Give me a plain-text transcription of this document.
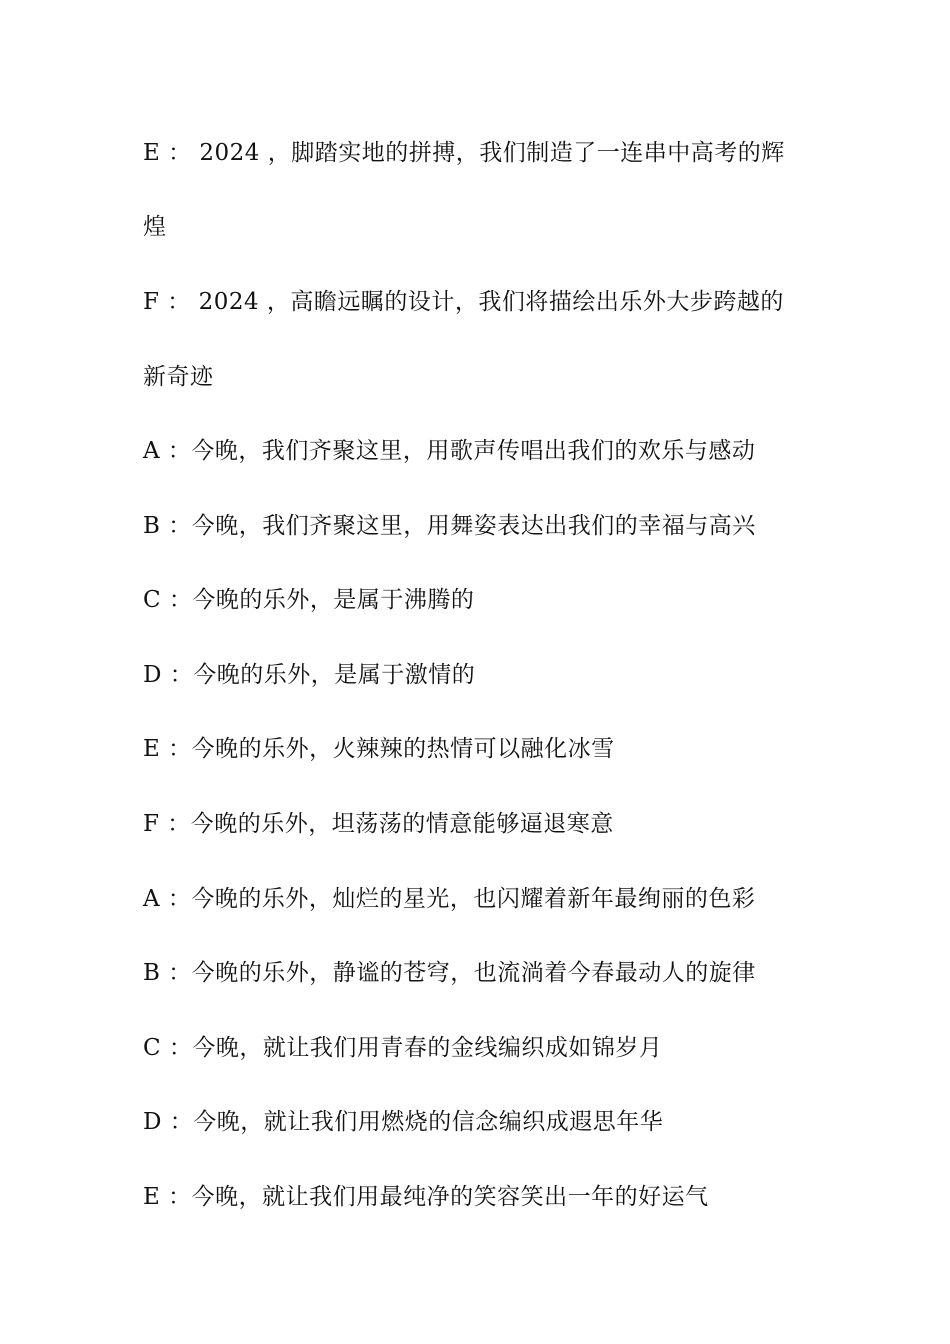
E ： 2024 ，脚踏实地的拼搏，我们制造了一连串中高考的辉
煌
F ： 2024 ，高瞻远瞩的设计，我们将描绘出乐外大步跨越的
新奇迹
A ：今晚，我们齐聚这里，用歌声传唱出我们的欢乐与感动
B ：今晚，我们齐聚这里，用舞姿表达出我们的幸福与高兴
C ：今晚的乐外，是属于沸腾的
D ：今晚的乐外，是属于激情的
E ：今晚的乐外，火辣辣的热情可以融化冰雪
F ：今晚的乐外，坦荡荡的情意能够逼退寒意
A ：今晚的乐外，灿烂的星光，也闪耀着新年最绚丽的色彩
B ：今晚的乐外，静谧的苍穹，也流淌着今春最动人的旋律
C ：今晚，就让我们用青春的金线编织成如锦岁月
D ：今晚，就让我们用燃烧的信念编织成遐思年华
E ：今晚，就让我们用最纯净的笑容笑出一年的好运气
